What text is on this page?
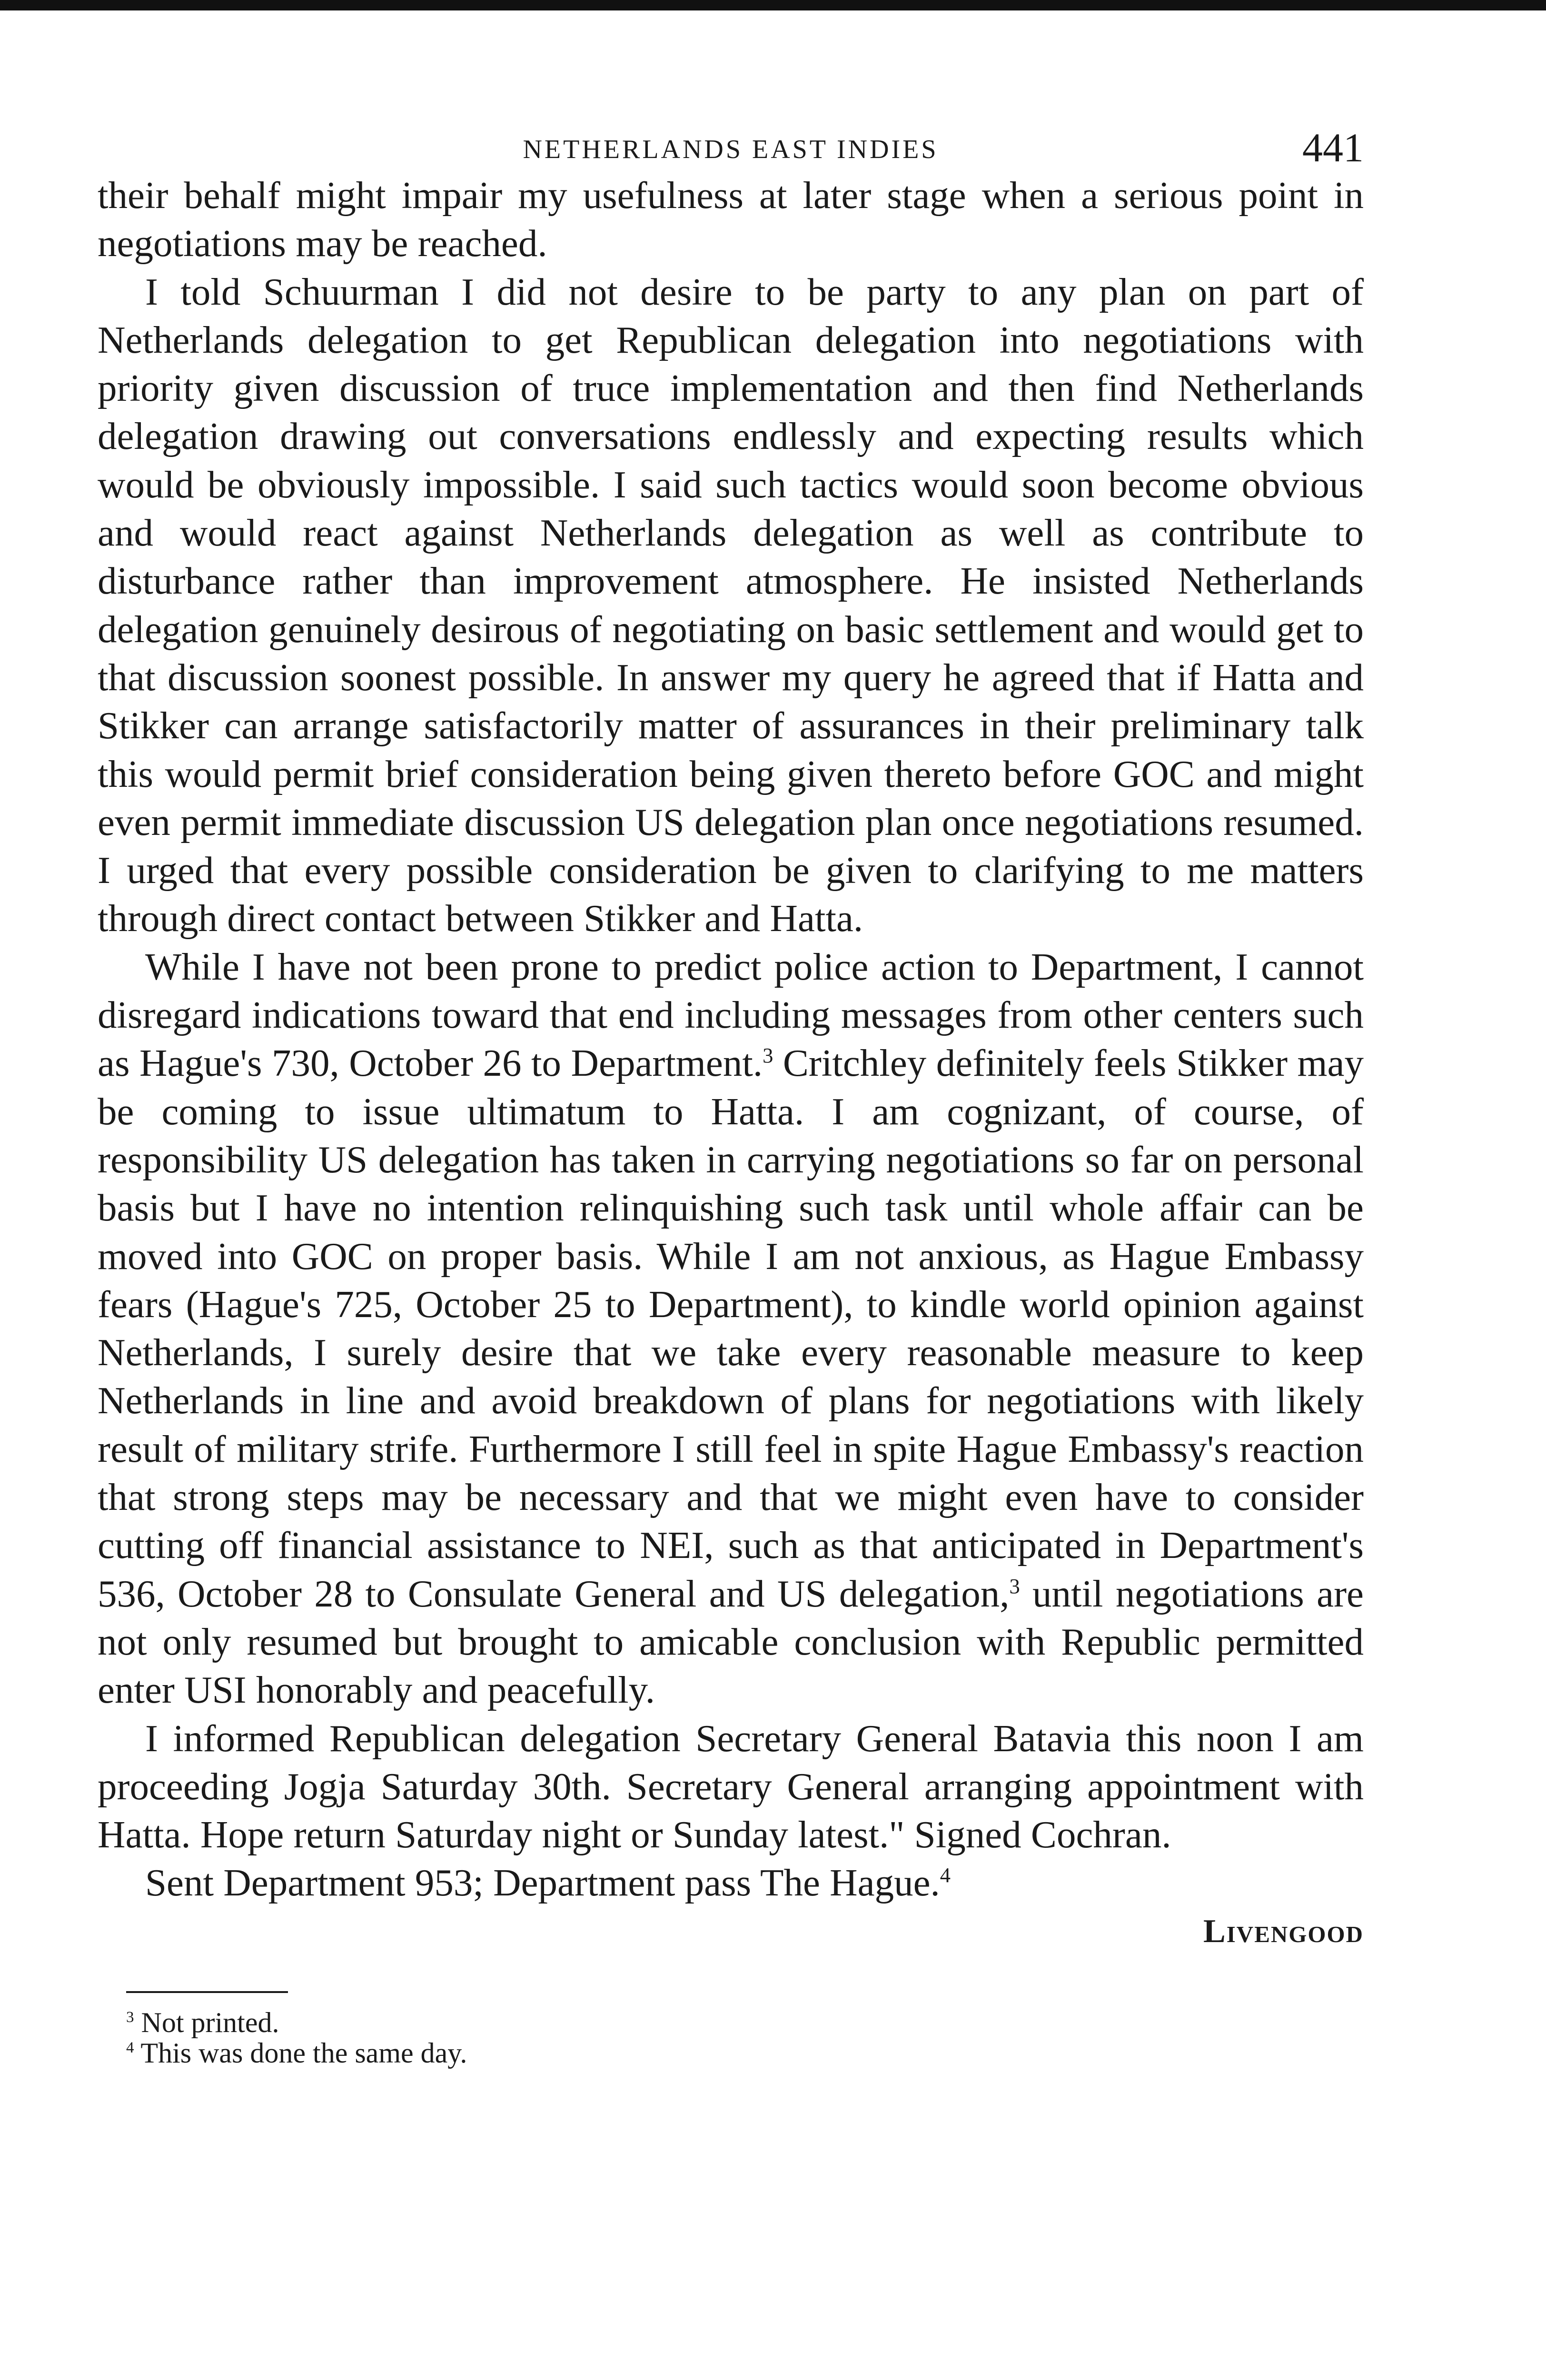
NETHERLANDS EAST INDIES	441

their behalf might impair my usefulness at later stage when a serious point in negotiations may be reached.

I told Schuurman I did not desire to be party to any plan on part of Netherlands delegation to get Republican delegation into negotiations with priority given discussion of truce implementation and then find Netherlands delegation drawing out conversations endlessly and expecting results which would be obviously impossible. I said such tactics would soon become obvious and would react against Netherlands delegation as well as contribute to disturbance rather than improvement atmosphere. He insisted Netherlands delegation genuinely desirous of negotiating on basic settlement and would get to that discussion soonest possible. In answer my query he agreed that if Hatta and Stikker can arrange satisfactorily matter of assurances in their preliminary talk this would permit brief consideration being given thereto before GOC and might even permit immediate discussion US delegation plan once negotiations resumed. I urged that every possible consideration be given to clarifying to me matters through direct contact between Stikker and Hatta.

While I have not been prone to predict police action to Department, I cannot disregard indications toward that end including messages from other centers such as Hague's 730, October 26 to Department.$^3$ Critchley definitely feels Stikker may be coming to issue ultimatum to Hatta. I am cognizant, of course, of responsibility US delegation has taken in carrying negotiations so far on personal basis but I have no intention relinquishing such task until whole affair can be moved into GOC on proper basis. While I am not anxious, as Hague Embassy fears (Hague's 725, October 25 to Department), to kindle world opinion against Netherlands, I surely desire that we take every reasonable measure to keep Netherlands in line and avoid breakdown of plans for negotiations with likely result of military strife. Furthermore I still feel in spite Hague Embassy's reaction that strong steps may be necessary and that we might even have to consider cutting off financial assistance to NEI, such as that anticipated in Department's 536, October 28 to Consulate General and US delegation,$^3$ until negotiations are not only resumed but brought to amicable conclusion with Republic permitted enter USI honorably and peacefully.

I informed Republican delegation Secretary General Batavia this noon I am proceeding Jogja Saturday 30th. Secretary General arranging appointment with Hatta. Hope return Saturday night or Sunday latest." Signed Cochran.

Sent Department 953; Department pass The Hague.$^4$

Livengood

$^3$ Not printed.

$^4$ This was done the same day.
